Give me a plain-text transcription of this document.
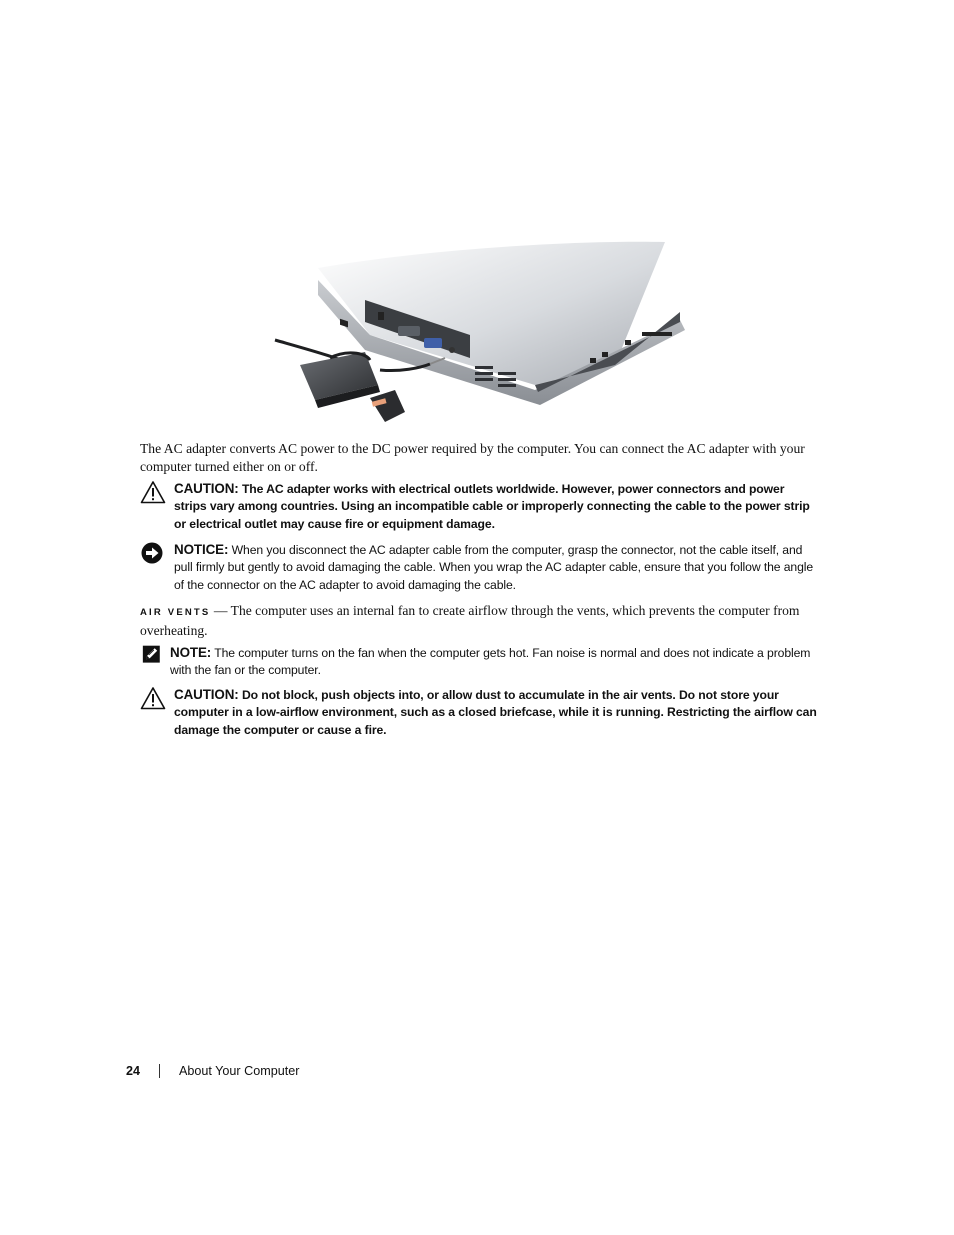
The AC adapter converts AC power to the DC power required by the computer. You can connect the AC adapter with your computer turned either on or off.

CAUTION: The AC adapter works with electrical outlets worldwide. However, power connectors and power strips vary among countries. Using an incompatible cable or improperly connecting the cable to the power strip or electrical outlet may cause fire or equipment damage.

NOTICE: When you disconnect the AC adapter cable from the computer, grasp the connector, not the cable itself, and pull firmly but gently to avoid damaging the cable. When you wrap the AC adapter cable, ensure that you follow the angle of the connector on the AC adapter to avoid damaging the cable.

AIR VENTS — The computer uses an internal fan to create airflow through the vents, which prevents the computer from overheating.

NOTE: The computer turns on the fan when the computer gets hot. Fan noise is normal and does not indicate a problem with the fan or the computer.

CAUTION: Do not block, push objects into, or allow dust to accumulate in the air vents. Do not store your computer in a low-airflow environment, such as a closed briefcase, while it is running. Restricting the airflow can damage the computer or cause a fire.

24	About Your Computer
